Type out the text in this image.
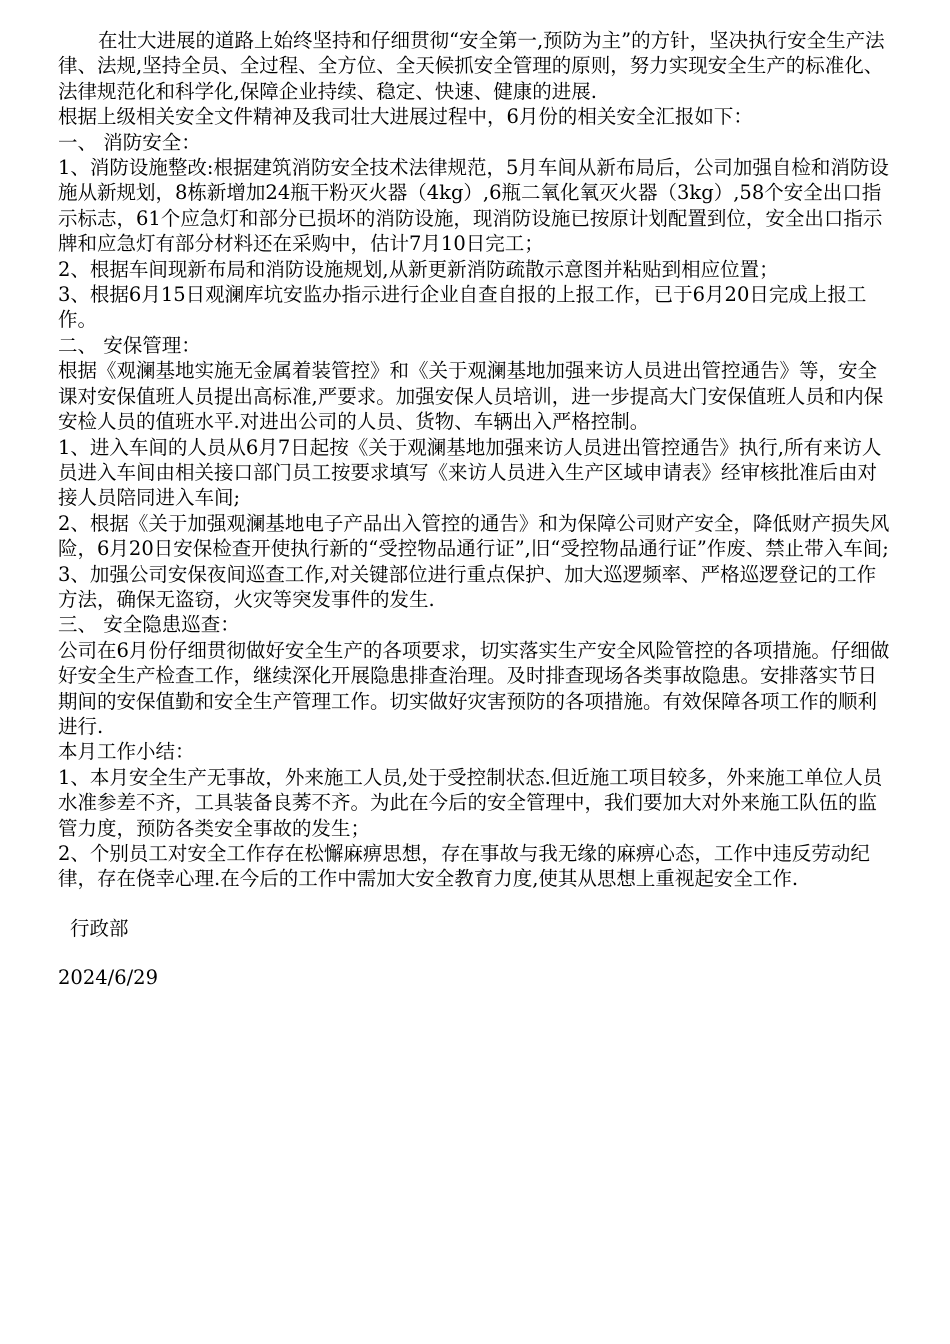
在壮大进展的道路上始终坚持和仔细贯彻“安全第一,预防为主”的方针，坚决执行安全生产法律、法规,坚持全员、全过程、全方位、全天候抓安全管理的原则，努力实现安全生产的标准化、法律规范化和科学化,保障企业持续、稳定、快速、健康的进展.

根据上级相关安全文件精神及我司壮大进展过程中，6月份的相关安全汇报如下：

一、 消防安全：

1、消防设施整改:根据建筑消防安全技术法律规范，5月车间从新布局后，公司加强自检和消防设施从新规划，8栋新增加24瓶干粉灭火器（4kg）,6瓶二氧化氧灭火器（3kg）,58个安全出口指示标志，61个应急灯和部分已损坏的消防设施，现消防设施已按原计划配置到位，安全出口指示牌和应急灯有部分材料还在采购中，估计7月10日完工；

2、根据车间现新布局和消防设施规划,从新更新消防疏散示意图并粘贴到相应位置；

3、根据6月15日观澜库坑安监办指示进行企业自查自报的上报工作，已于6月20日完成上报工作。

二、 安保管理：

根据《观澜基地实施无金属着装管控》和《关于观澜基地加强来访人员进出管控通告》等，安全课对安保值班人员提出高标准,严要求。加强安保人员培训，进一步提高大门安保值班人员和内保安检人员的值班水平.对进出公司的人员、货物、车辆出入严格控制。

1、进入车间的人员从6月7日起按《关于观澜基地加强来访人员进出管控通告》执行,所有来访人员进入车间由相关接口部门员工按要求填写《来访人员进入生产区域申请表》经审核批准后由对接人员陪同进入车间;

2、根据《关于加强观澜基地电子产品出入管控的通告》和为保障公司财产安全，降低财产损失风险，6月20日安保检查开使执行新的“受控物品通行证”,旧“受控物品通行证”作废、禁止带入车间;

3、加强公司安保夜间巡查工作,对关键部位进行重点保护、加大巡逻频率、严格巡逻登记的工作方法，确保无盗窃，火灾等突发事件的发生.

三、 安全隐患巡查：

公司在6月份仔细贯彻做好安全生产的各项要求，切实落实生产安全风险管控的各项措施。仔细做好安全生产检查工作，继续深化开展隐患排查治理。及时排查现场各类事故隐患。安排落实节日期间的安保值勤和安全生产管理工作。切实做好灾害预防的各项措施。有效保障各项工作的顺利进行.

本月工作小结：

1、本月安全生产无事故，外来施工人员,处于受控制状态.但近施工项目较多，外来施工单位人员水准参差不齐，工具装备良莠不齐。为此在今后的安全管理中，我们要加大对外来施工队伍的监管力度，预防各类安全事故的发生；

2、个别员工对安全工作存在松懈麻痹思想，存在事故与我无缘的麻痹心态，工作中违反劳动纪律，存在侥幸心理.在今后的工作中需加大安全教育力度,使其从思想上重视起安全工作.

行政部

2024/6/29
